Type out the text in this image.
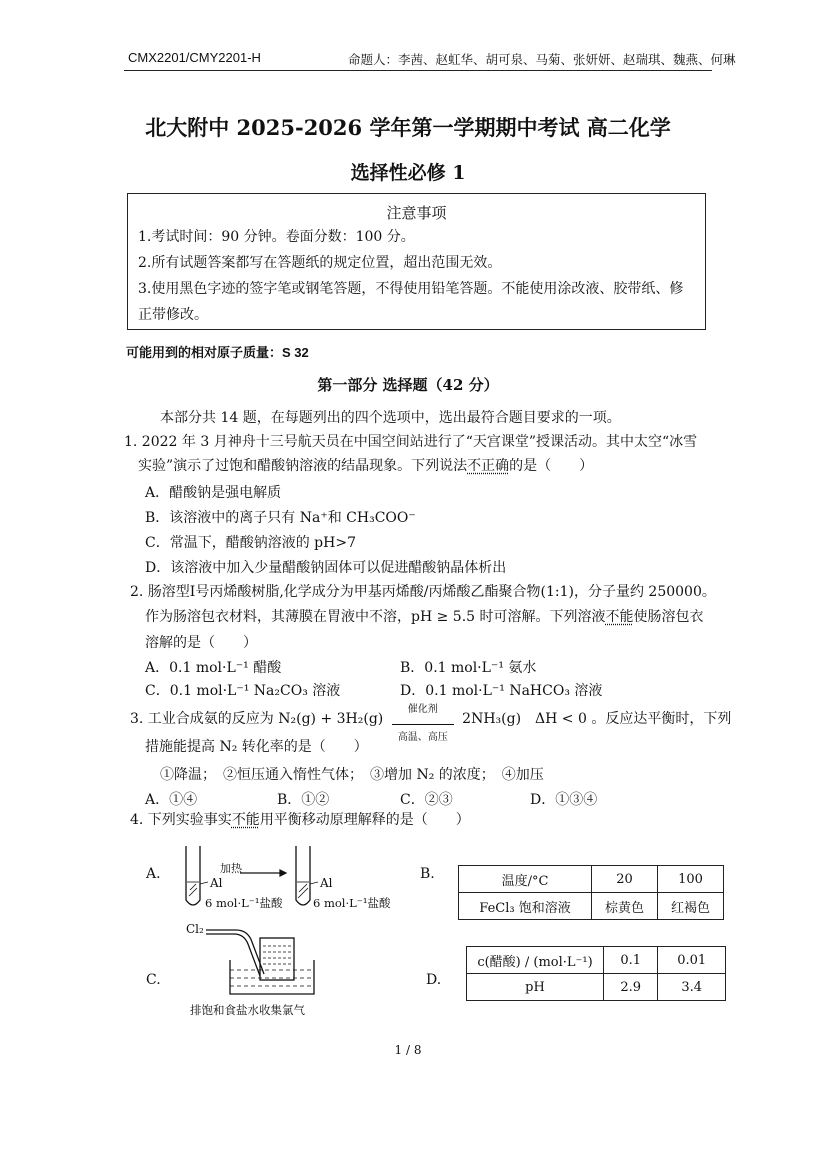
CMX2201/CMY2201-H	命题人：李茜、赵虹华、胡可泉、马菊、张妍妍、赵瑞琪、魏燕、何琳
北大附中 2025-2026 学年第一学期期中考试 高二化学
选择性必修 1
注意事项
1.考试时间：90 分钟。卷面分数：100 分。
2.所有试题答案都写在答题纸的规定位置，超出范围无效。
3.使用黑色字迹的签字笔或钢笔答题，不得使用铅笔答题。不能使用涂改液、胶带纸、修
正带修改。
可能用到的相对原子质量：S 32
第一部分 选择题（42 分）
本部分共 14 题，在每题列出的四个选项中，选出最符合题目要求的一项。
1. 2022 年 3 月神舟十三号航天员在中国空间站进行了“天宫课堂”授课活动。其中太空“冰雪
实验”演示了过饱和醋酸钠溶液的结晶现象。下列说法不正确的是（　　）
A．醋酸钠是强电解质
B．该溶液中的离子只有 Na⁺和 CH₃COO⁻
C．常温下，醋酸钠溶液的 pH>7
D．该溶液中加入少量醋酸钠固体可以促进醋酸钠晶体析出
2. 肠溶型I号丙烯酸树脂,化学成分为甲基丙烯酸/丙烯酸乙酯聚合物(1:1)，分子量约 250000。
作为肠溶包衣材料，其薄膜在胃液中不溶，pH ≥ 5.5 时可溶解。下列溶液不能使肠溶包衣
溶解的是（　　）
A．0.1 mol·L⁻¹ 醋酸	B．0.1 mol·L⁻¹ 氨水
C．0.1 mol·L⁻¹ Na₂CO₃ 溶液	D．0.1 mol·L⁻¹ NaHCO₃ 溶液
3. 工业合成氨的反应为 N₂(g) + 3H₂(g)
催化剂
高温、高压
2NH₃(g)　ΔH < 0 。反应达平衡时，下列
措施能提高 N₂ 转化率的是（　　）
①降温；　②恒压通入惰性气体；　③增加 N₂ 的浓度；　④加压
A．①④	B．①②	C．②③	D．①③④
4. 下列实验事实不能用平衡移动原理解释的是（　　）
A.	B.
C.	D.
加热
Al	Al
6 mol·L⁻¹盐酸	6 mol·L⁻¹盐酸
温度/°C	20	100
FeCl₃ 饱和溶液	棕黄色	红褐色
Cl₂
排饱和食盐水收集氯气
c(醋酸) / (mol·L⁻¹)	0.1	0.01
pH	2.9	3.4
1 / 8
